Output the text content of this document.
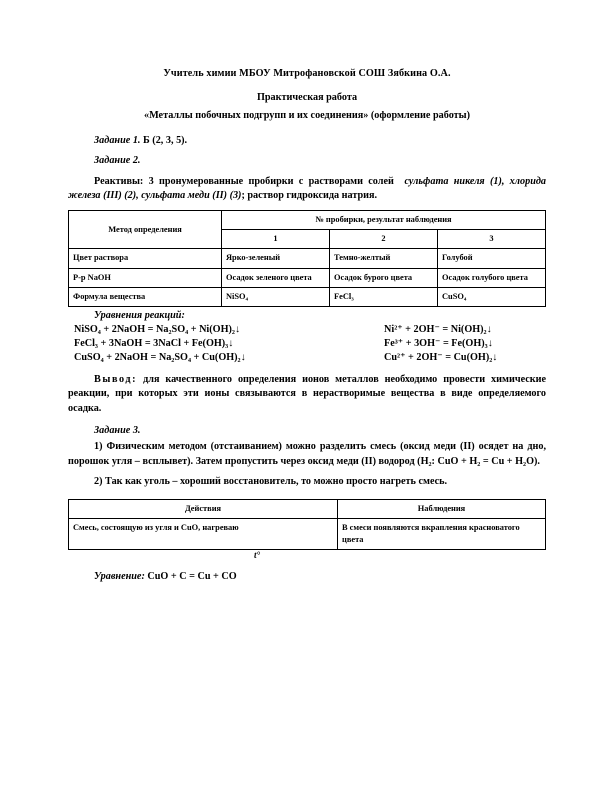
Учитель химии МБОУ Митрофановской СОШ Зябкина О.А.
Практическая работа
«Металлы побочных подгрупп и их соединения» (оформление работы)
Задание 1. Б (2, 3, 5).
Задание 2.

Реактивы: 3 пронумерованные пробирки с растворами солей сульфата никеля (1), хлорида железа (III) (2), сульфата меди (II) (3); раствор гидроксида натрия.

Метод определения	№ пробирки, результат наблюдения		
	1	2	3
Цвет раствора	Ярко-зеленый	Темно-желтый	Голубой
Р-р NaOH	Осадок зеленого цвета	Осадок бурого цвета	Осадок голубого цвета
Формула вещества	NiSO₄	FeCl₃	CuSO₄
Уравнения реакций:
NiSO₄ + 2NaOH = Na₂SO₄ + Ni(OH)₂↓	Ni²⁺ + 2OH⁻ = Ni(OH)₂↓
FeCl₃ + 3NaOH = 3NaCl + Fe(OH)₃↓	Fe³⁺ + 3OH⁻ = Fe(OH)₃↓
CuSO₄ + 2NaOH = Na₂SO₄ + Cu(OH)₂↓	Cu²⁺ + 2OH⁻ = Cu(OH)₂↓

Вывод: для качественного определения ионов металлов необходимо провести химические реакции, при которых эти ионы связываются в нерастворимые вещества в виде определяемого осадка.

Задание 3.

1) Физическим методом (отстаиванием) можно разделить смесь (оксид меди (II) осядет на дно, порошок угля – всплывет). Затем пропустить через оксид меди (II) водород (H₂: CuO + H₂ = Cu + H₂O).

2) Так как уголь – хороший восстановитель, то можно просто нагреть смесь.

Действия	Наблюдения
Смесь, состоящую из угля и CuO, нагреваю	В смеси появляются вкрапления красноватого цвета
t°
Уравнение: CuO + C = Cu + CO
